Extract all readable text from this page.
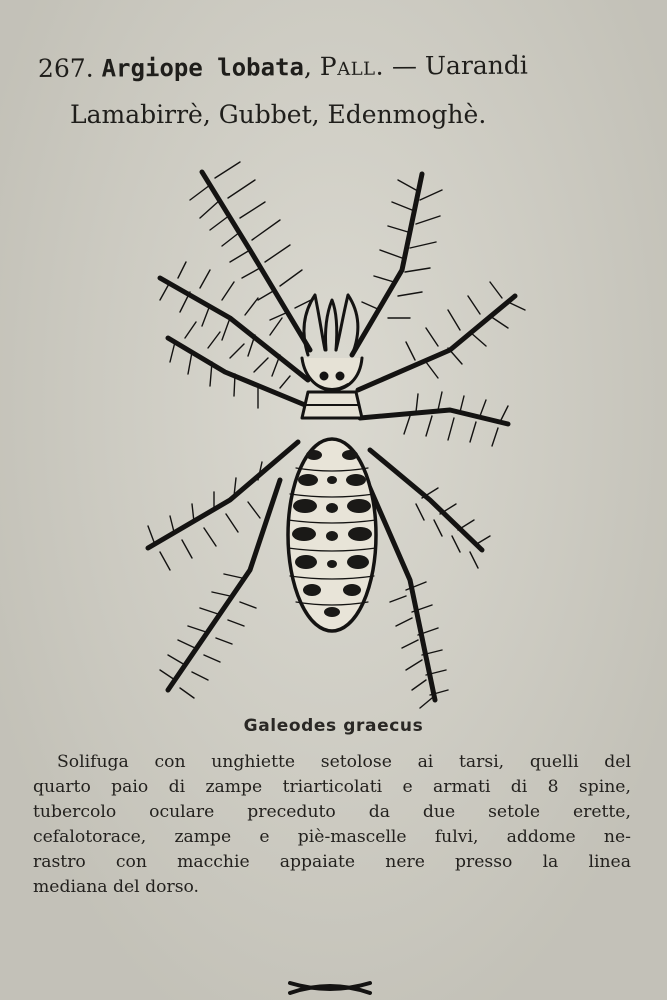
267. Argiope lobata, Pall. — Uarandi
Lamabirrè, Gubbet, Edenmoghè.
Galeodes graecus
Solifuga con unghiette setolose ai tarsi, quelli del
quarto paio di zampe triarticolati e armati di 8 spine,
tubercolo oculare preceduto da due setole erette,
cefalotorace, zampe e piè-mascelle fulvi, addome ne-
rastro con macchie appaiate nere presso la linea
mediana del dorso.
